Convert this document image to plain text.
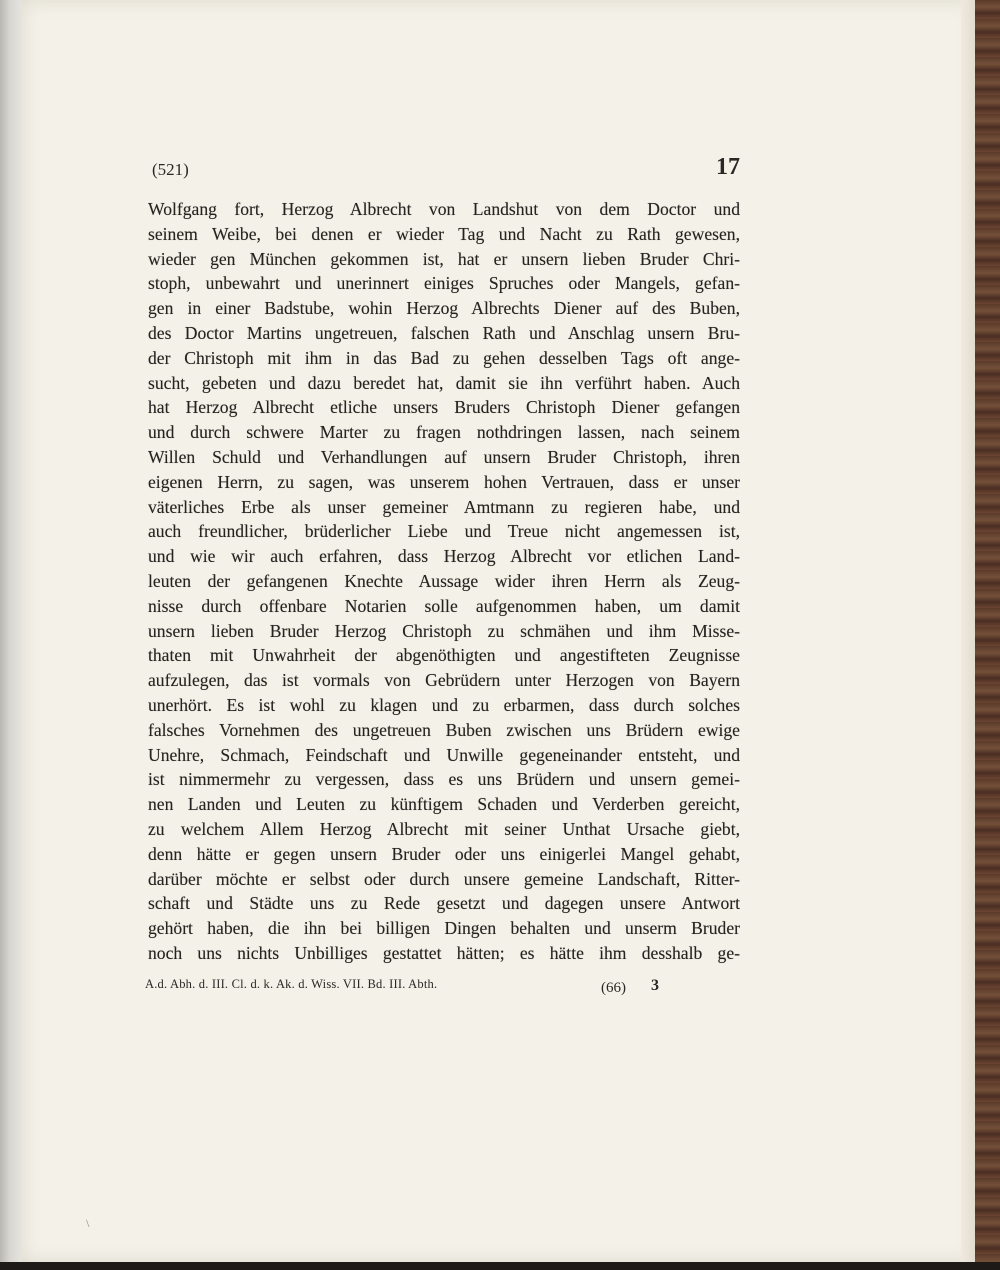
(521)	17
Wolfgang fort, Herzog Albrecht von Landshut von dem Doctor und
seinem Weibe, bei denen er wieder Tag und Nacht zu Rath gewesen,
wieder gen München gekommen ist, hat er unsern lieben Bruder Chri-
stoph, unbewahrt und unerinnert einiges Spruches oder Mangels, gefan-
gen in einer Badstube, wohin Herzog Albrechts Diener auf des Buben,
des Doctor Martins ungetreuen, falschen Rath und Anschlag unsern Bru-
der Christoph mit ihm in das Bad zu gehen desselben Tags oft ange-
sucht, gebeten und dazu beredet hat, damit sie ihn verführt haben. Auch
hat Herzog Albrecht etliche unsers Bruders Christoph Diener gefangen
und durch schwere Marter zu fragen nothdringen lassen, nach seinem
Willen Schuld und Verhandlungen auf unsern Bruder Christoph, ihren
eigenen Herrn, zu sagen, was unserem hohen Vertrauen, dass er unser
väterliches Erbe als unser gemeiner Amtmann zu regieren habe, und
auch freundlicher, brüderlicher Liebe und Treue nicht angemessen ist,
und wie wir auch erfahren, dass Herzog Albrecht vor etlichen Land-
leuten der gefangenen Knechte Aussage wider ihren Herrn als Zeug-
nisse durch offenbare Notarien solle aufgenommen haben, um damit
unsern lieben Bruder Herzog Christoph zu schmähen und ihm Misse-
thaten mit Unwahrheit der abgenöthigten und angestifteten Zeugnisse
aufzulegen, das ist vormals von Gebrüdern unter Herzogen von Bayern
unerhört. Es ist wohl zu klagen und zu erbarmen, dass durch solches
falsches Vornehmen des ungetreuen Buben zwischen uns Brüdern ewige
Unehre, Schmach, Feindschaft und Unwille gegeneinander entsteht, und
ist nimmermehr zu vergessen, dass es uns Brüdern und unsern gemei-
nen Landen und Leuten zu künftigem Schaden und Verderben gereicht,
zu welchem Allem Herzog Albrecht mit seiner Unthat Ursache giebt,
denn hätte er gegen unsern Bruder oder uns einigerlei Mangel gehabt,
darüber möchte er selbst oder durch unsere gemeine Landschaft, Ritter-
schaft und Städte uns zu Rede gesetzt und dagegen unsere Antwort
gehört haben, die ihn bei billigen Dingen behalten und unserm Bruder
noch uns nichts Unbilliges gestattet hätten; es hätte ihm desshalb ge-
A.d. Abh. d. III. Cl. d. k. Ak. d. Wiss. VII. Bd. III. Abth.	(66) 3
\
